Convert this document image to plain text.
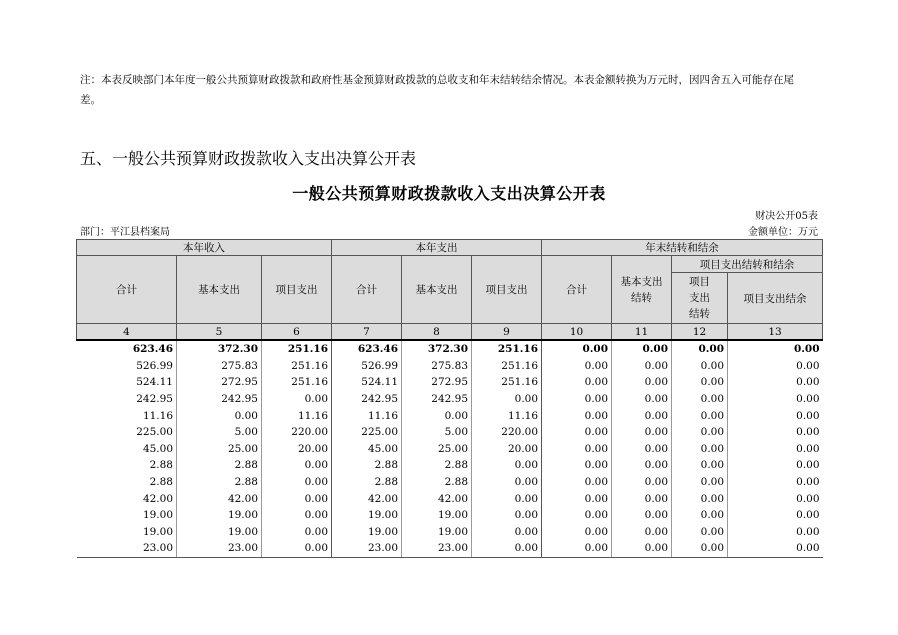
注：本表反映部门本年度一般公共预算财政拨款和政府性基金预算财政拨款的总收支和年末结转结余情况。本表金额转换为万元时，因四舍五入可能存在尾差。
五、一般公共预算财政拨款收入支出决算公开表
一般公共预算财政拨款收入支出决算公开表
财决公开05表
部门：平江县档案局	金额单位：万元
本年收入			本年支出			年末结转和结余			
合计	基本支出	项目支出	合计	基本支出	项目支出	合计	基本支出结转	项目支出结转和结余	
								项目支出结转	项目支出结余
4	5	6	7	8	9	10	11	12	13
623.46	372.30	251.16	623.46	372.30	251.16	0.00	0.00	0.00	0.00
526.99	275.83	251.16	526.99	275.83	251.16	0.00	0.00	0.00	0.00
524.11	272.95	251.16	524.11	272.95	251.16	0.00	0.00	0.00	0.00
242.95	242.95	0.00	242.95	242.95	0.00	0.00	0.00	0.00	0.00
11.16	0.00	11.16	11.16	0.00	11.16	0.00	0.00	0.00	0.00
225.00	5.00	220.00	225.00	5.00	220.00	0.00	0.00	0.00	0.00
45.00	25.00	20.00	45.00	25.00	20.00	0.00	0.00	0.00	0.00
2.88	2.88	0.00	2.88	2.88	0.00	0.00	0.00	0.00	0.00
2.88	2.88	0.00	2.88	2.88	0.00	0.00	0.00	0.00	0.00
42.00	42.00	0.00	42.00	42.00	0.00	0.00	0.00	0.00	0.00
19.00	19.00	0.00	19.00	19.00	0.00	0.00	0.00	0.00	0.00
19.00	19.00	0.00	19.00	19.00	0.00	0.00	0.00	0.00	0.00
23.00	23.00	0.00	23.00	23.00	0.00	0.00	0.00	0.00	0.00
